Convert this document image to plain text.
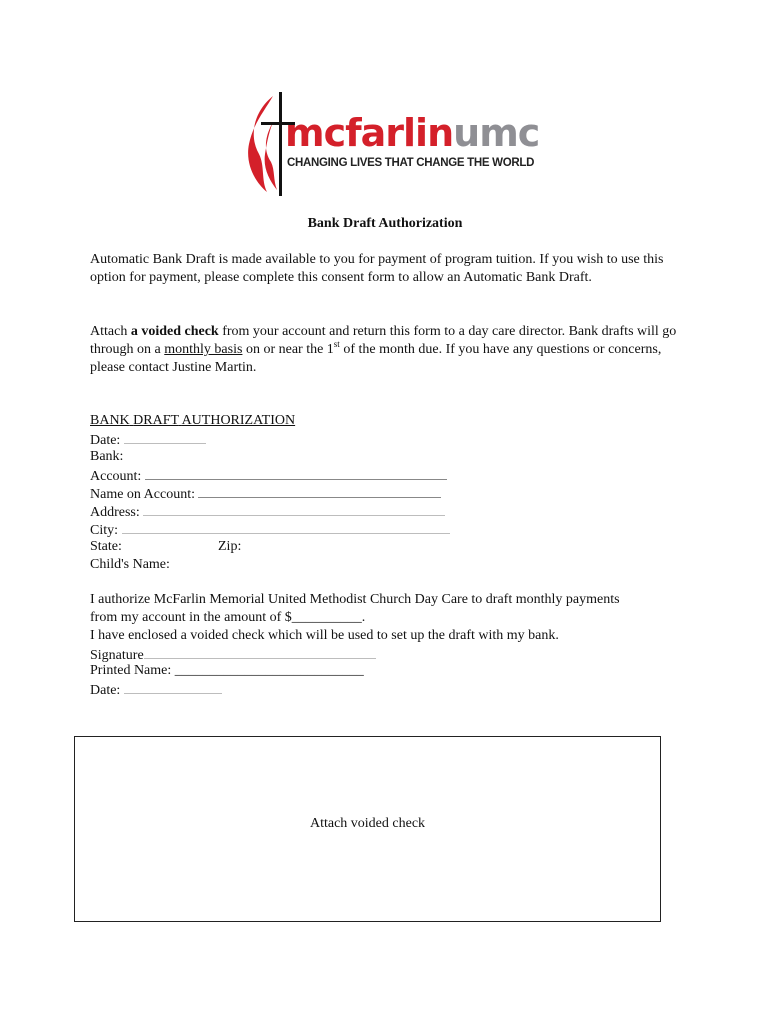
mcfarlinumc
CHANGING LIVES THAT CHANGE THE WORLD
Bank Draft Authorization
Automatic Bank Draft is made available to you for payment of program tuition. If you wish to use this option for payment, please complete this consent form to allow an Automatic Bank Draft.
Attach a voided check from your account and return this form to a day care director. Bank drafts will go through on a monthly basis on or near the 1st of the month due. If you have any questions or concerns, please contact Justine Martin.
BANK DRAFT AUTHORIZATION
Date:
Bank:
Account:
Name on Account:
Address:
City:
State:	Zip:
Child's Name:
I authorize McFarlin Memorial United Methodist Church Day Care to draft monthly payments
from my account in the amount of $__________.
I have enclosed a voided check which will be used to set up the draft with my bank.
Signature
Printed Name: ___________________________
Date:
Attach voided check
